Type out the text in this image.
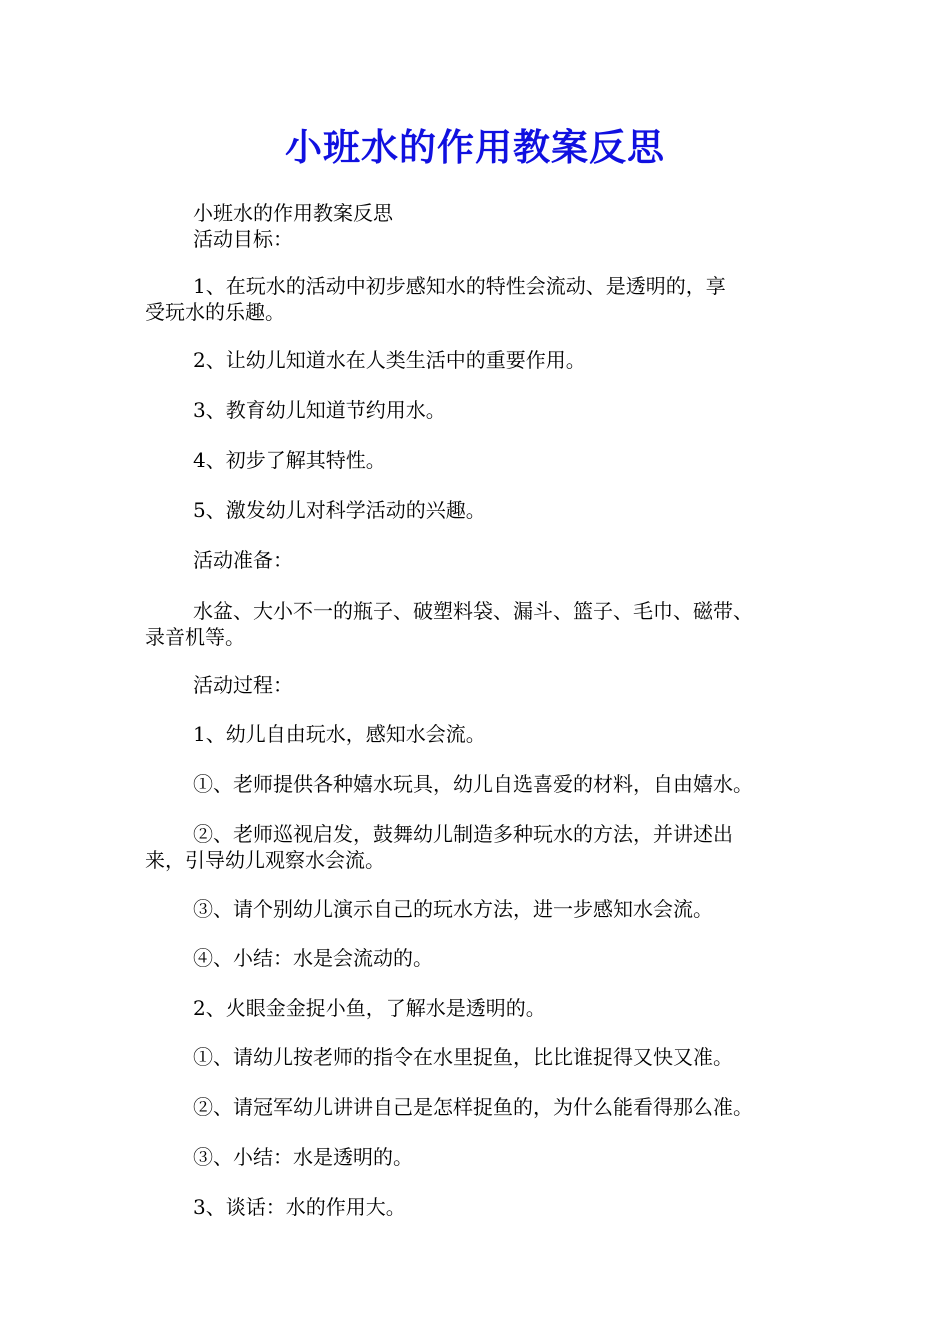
小班水的作用教案反思
小班水的作用教案反思
活动目标：
1、在玩水的活动中初步感知水的特性会流动、是透明的，享
受玩水的乐趣。
2、让幼儿知道水在人类生活中的重要作用。
3、教育幼儿知道节约用水。
4、初步了解其特性。
5、激发幼儿对科学活动的兴趣。
活动准备：
水盆、大小不一的瓶子、破塑料袋、漏斗、篮子、毛巾、磁带、
录音机等。
活动过程：
1、幼儿自由玩水，感知水会流。
①、老师提供各种嬉水玩具，幼儿自选喜爱的材料，自由嬉水。
②、老师巡视启发，鼓舞幼儿制造多种玩水的方法，并讲述出
来，引导幼儿观察水会流。
③、请个别幼儿演示自己的玩水方法，进一步感知水会流。
④、小结：水是会流动的。
2、火眼金金捉小鱼，了解水是透明的。
①、请幼儿按老师的指令在水里捉鱼，比比谁捉得又快又准。
②、请冠军幼儿讲讲自己是怎样捉鱼的，为什么能看得那么准。
③、小结：水是透明的。
3、谈话：水的作用大。
